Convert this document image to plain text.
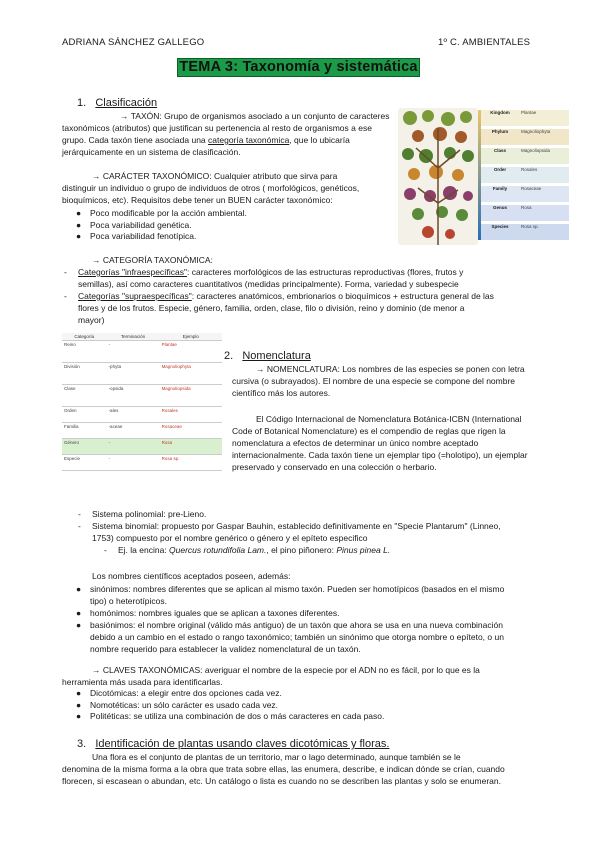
ADRIANA SÁNCHEZ GALLEGO	1º C. AMBIENTALES
TEMA 3: Taxonomía y sistemática
1.   Clasificación
→ TAXÓN: Grupo de organismos asociado a un conjunto de caracteres
taxonómicos (atributos) que justifican su pertenencia al resto de organismos a ese
grupo. Cada taxón tiene asociada una categoría taxonómica, que lo ubicaría
jerárquicamente en un sistema de clasificación.
Kingdom	Plantae
Phylum	Magnoliophyta
Class	Magnoliopsida
Order	Rosales
Family	Rosaceae
Genus	Rosa
Species	Rosa sp.
→ CARÁCTER TAXONÓMICO: Cualquier atributo que sirva para
distinguir un individuo o grupo de individuos de otros ( morfológicos, genéticos,
bioquímicos, etc). Requisitos debe tener un BUEN carácter taxonómico:
● Poco modificable por la acción ambiental.
● Poca variabilidad genética.
● Poca variabilidad fenotípica.
→ CATEGORÍA TAXONÓMICA:
- Categorías "infraespecíficas": caracteres morfológicos de las estructuras reproductivas (flores, frutos y
semillas), así como caracteres cuantitativos (medidas principalmente). Forma, variedad y subespecie
- Categorías "supraespecíficas": caracteres anatómicos, embrionarios o bioquímicos + estructura general de las
flores y de los frutos. Especie, género, familia, orden, clase, filo o división, reino y dominio (de menor a
mayor)
Categoría	Terminación	Ejemplo
Reino	-	Plantae
División	-phyta	Magnoliophyta
Clase	-opsida	Magnoliopsida
Orden	-ales	Rosales
Familia	-aceae	Rosaceae
Género	-	Rosa
Especie	-	Rosa sp.
2.   Nomenclatura
→ NOMENCLATURA: Los nombres de las especies se ponen con letra
cursiva (o subrayados). El nombre de una especie se compone del nombre
científico más los autores.
El Código Internacional de Nomenclatura Botánica-ICBN (International
Code of Botanical Nomenclature) es el compendio de reglas que rigen la
nomenclatura a efectos de determinar un único nombre aceptado
internacionalmente. Cada taxón tiene un ejemplar tipo (=holotipo), un ejemplar
preservado y conservado en una colección o herbario.
- Sistema polinomial: pre-Lieno.
- Sistema binomial: propuesto por Gaspar Bauhin, establecido definitivamente en "Specie Plantarum" (Linneo,
1753) compuesto por el nombre genérico o género y el epíteto especifico
- Ej. la encina: Quercus rotundifolia Lam., el pino piñonero: Pinus pinea L.
Los nombres científicos aceptados poseen, además:
● sinónimos: nombres diferentes que se aplican al mismo taxón. Pueden ser homotípicos (basados en el mismo
tipo) o heterotípicos.
● homónimos: nombres iguales que se aplican a taxones diferentes.
● basiónimos: el nombre original (válido más antiguo) de un taxón que ahora se usa en una nueva combinación
debido a un cambio en el estado o rango taxonómico; también un sinónimo que otorga nombre o epíteto, o un
nombre requerido para establecer la validez nomenclatural de un taxón.
→ CLAVES TAXONÓMICAS: averiguar el nombre de la especie por el ADN no es fácil, por lo que es la
herramienta más usada para identificarlas.
● Dicotómicas: a elegir entre dos opciones cada vez.
● Nomotéticas: un sólo carácter es usado cada vez.
● Politéticas: se utiliza una combinación de dos o más caracteres en cada paso.
3.   Identificación de plantas usando claves dicotómicas y floras.
Una flora es el conjunto de plantas de un territorio, mar o lago determinado, aunque también se le
denomina de la misma forma a la obra que trata sobre ellas, las enumera, describe, e indican dónde se crían, cuando
florecen, si escasean o abundan, etc. Un catálogo o lista es cuando no se describen las plantas y solo se enumeran.
